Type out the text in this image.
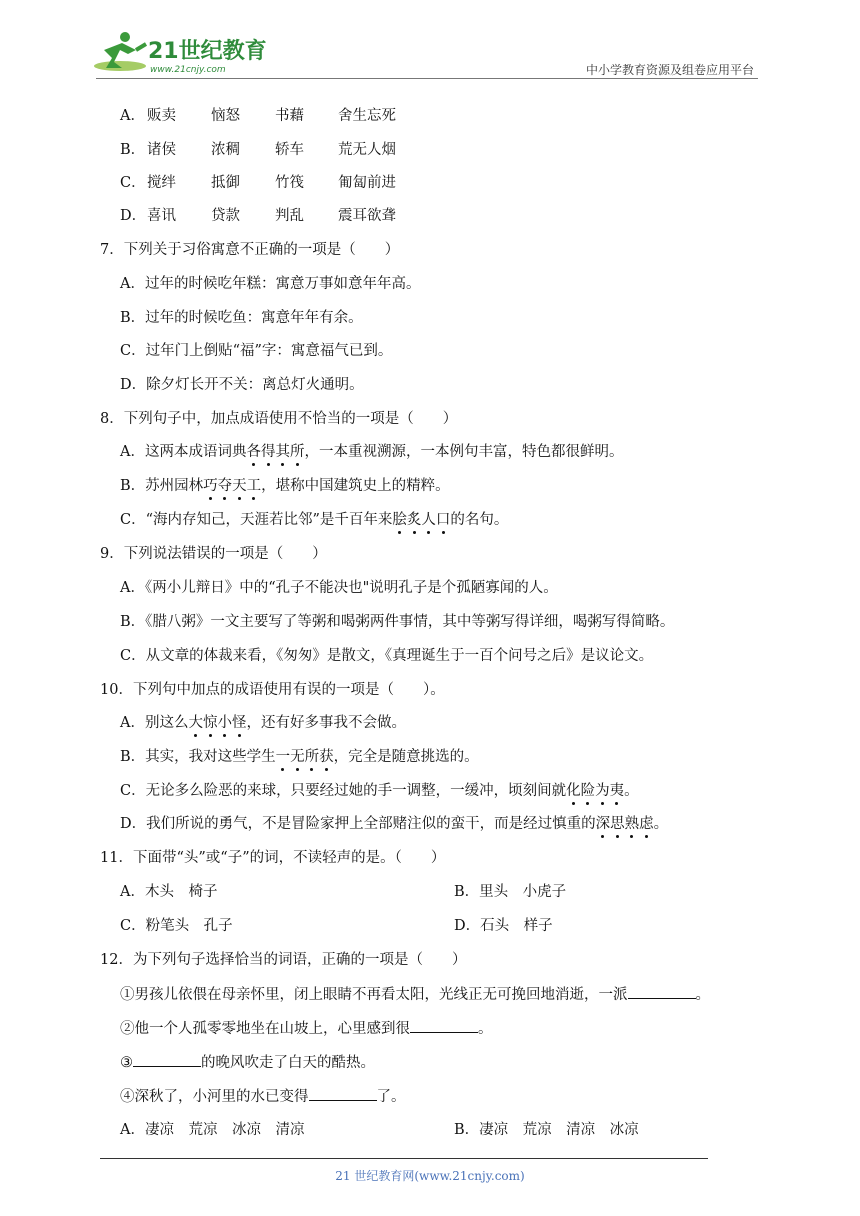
21世纪教育
www.21cnjy.com	中小学教育资源及组卷应用平台
A． 贩卖 恼怒 书藉 舍生忘死
B． 诸侯 浓稠 轿车 荒无人烟
C． 搅绊 抵御 竹筏 匍匐前进
D． 喜讯 贷款 判乱 震耳欲聋
7．下列关于习俗寓意不正确的一项是（　　）
A．过年的时候吃年糕：寓意万事如意年年高。
B．过年的时候吃鱼：寓意年年有余。
C．过年门上倒贴“福”字：寓意福气已到。
D．除夕灯长开不关：离总灯火通明。
8．下列句子中，加点成语使用不恰当的一项是（　　）
A．这两本成语词典各得其所，一本重视溯源，一本例句丰富，特色都很鲜明。
B．苏州园林巧夺天工，堪称中国建筑史上的精粹。
C．“海内存知己，天涯若比邻”是千百年来脍炙人口的名句。
9．下列说法错误的一项是（　　）
A．《两小儿辩日》中的“孔子不能决也"说明孔子是个孤陋寡闻的人。
B．《腊八粥》一文主要写了等粥和喝粥两件事情，其中等粥写得详细，喝粥写得简略。
C．从文章的体裁来看，《匆匆》是散文，《真理诞生于一百个问号之后》是议论文。
10．下列句中加点的成语使用有误的一项是（　　）。
A．别这么大惊小怪，还有好多事我不会做。
B．其实，我对这些学生一无所获，完全是随意挑选的。
C．无论多么险恶的来球，只要经过她的手一调整，一缓冲，顷刻间就化险为夷。
D．我们所说的勇气，不是冒险家押上全部赌注似的蛮干，而是经过慎重的深思熟虑。
11．下面带“头”或“子”的词，不读轻声的是。（　　）
A．木头　椅子	B．里头　小虎子
C．粉笔头　孔子	D．石头　样子
12．为下列句子选择恰当的词语，正确的一项是（　　）
①男孩儿依偎在母亲怀里，闭上眼睛不再看太阳，光线正无可挽回地消逝，一派	。
②他一个人孤零零地坐在山坡上，心里感到很	。
③	的晚风吹走了白天的酷热。
④深秋了，小河里的水已变得	了。
A．凄凉　荒凉　冰凉　清凉	B．凄凉　荒凉　清凉　冰凉
21 世纪教育网(www.21cnjy.com)
